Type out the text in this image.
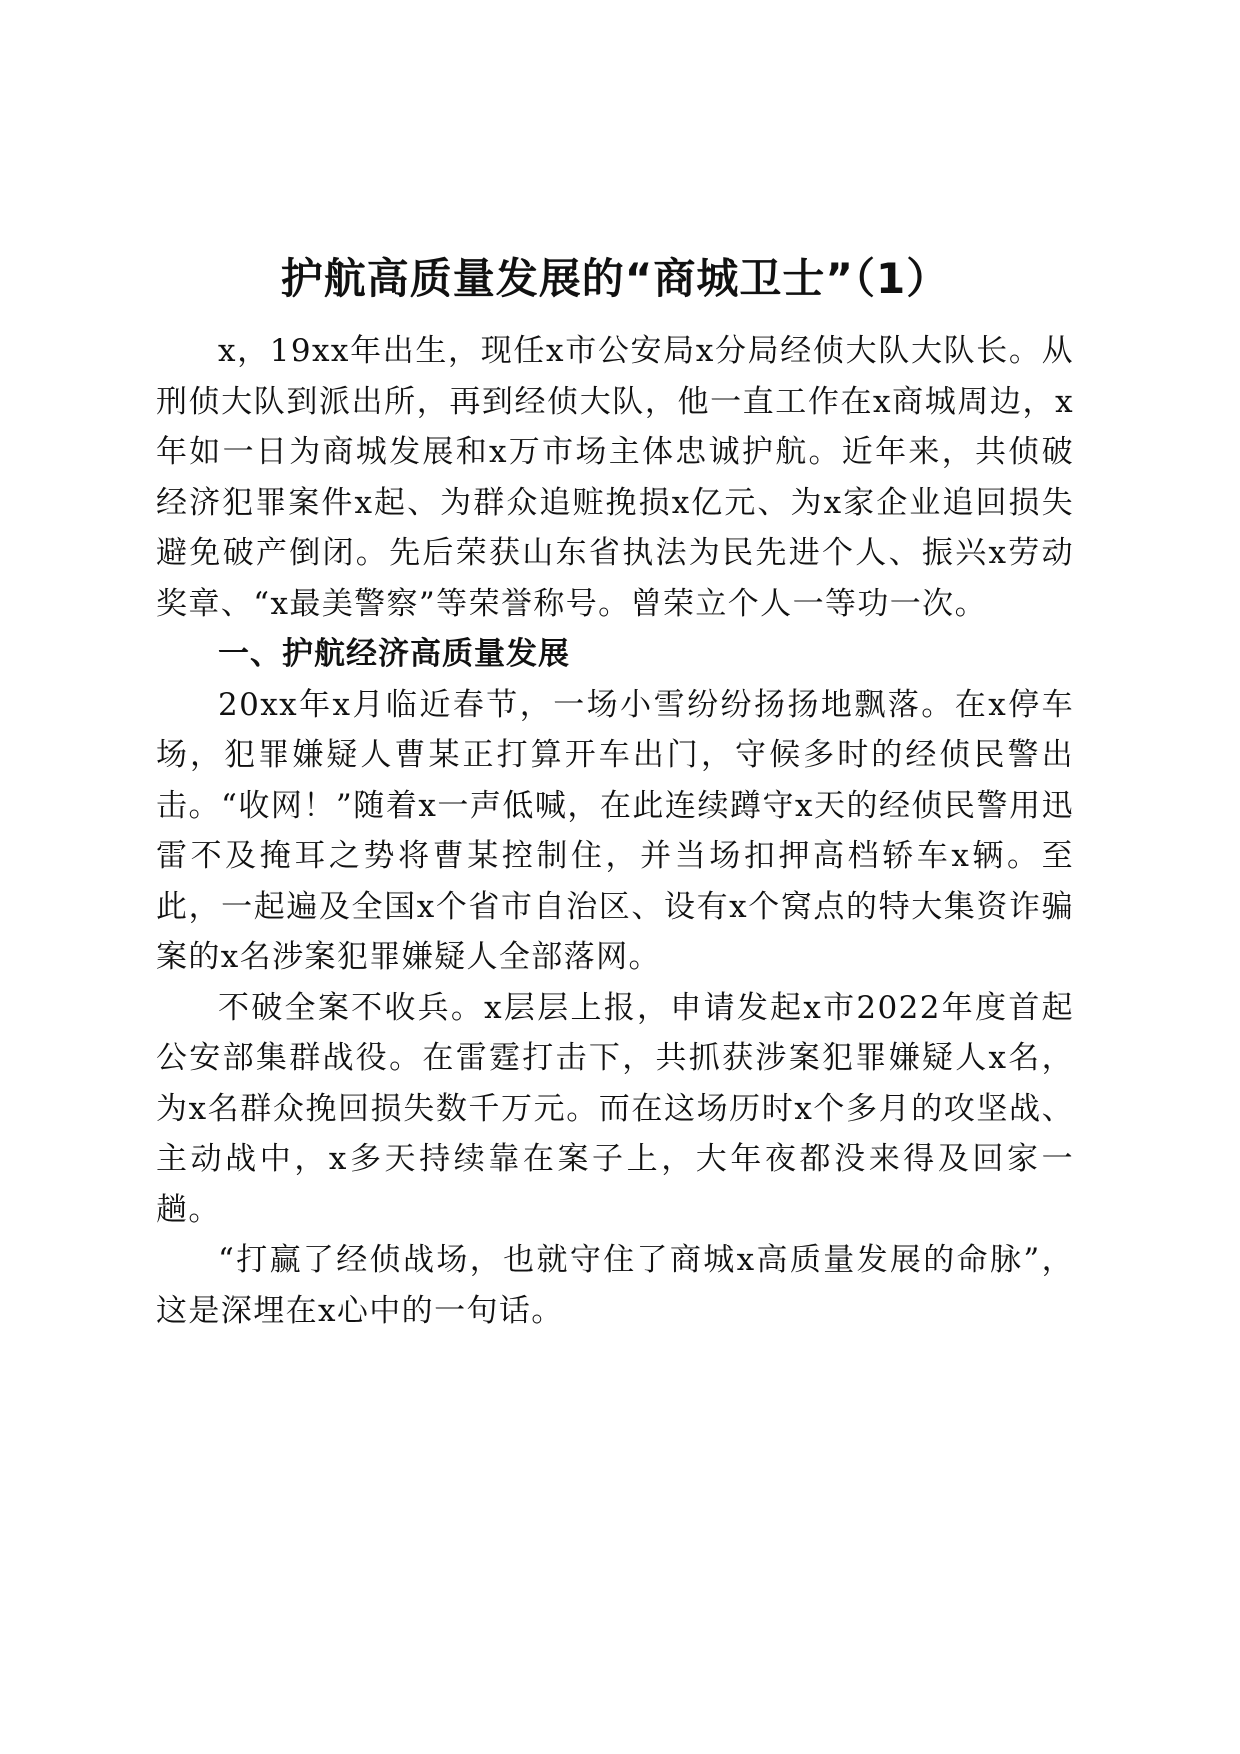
护航高质量发展的“商城卫士”（1）

x，19xx年出生，现任x市公安局x分局经侦大队大队长。从刑侦大队到派出所，再到经侦大队，他一直工作在x商城周边，x年如一日为商城发展和x万市场主体忠诚护航。近年来，共侦破经济犯罪案件x起、为群众追赃挽损x亿元、为x家企业追回损失避免破产倒闭。先后荣获山东省执法为民先进个人、振兴x劳动奖章、“x最美警察”等荣誉称号。曾荣立个人一等功一次。

一、护航经济高质量发展

20xx年x月临近春节，一场小雪纷纷扬扬地飘落。在x停车场，犯罪嫌疑人曹某正打算开车出门，守候多时的经侦民警出击。“收网！”随着x一声低喊，在此连续蹲守x天的经侦民警用迅雷不及掩耳之势将曹某控制住，并当场扣押高档轿车x辆。至此，一起遍及全国x个省市自治区、设有x个窝点的特大集资诈骗案的x名涉案犯罪嫌疑人全部落网。

不破全案不收兵。x层层上报，申请发起x市2022年度首起公安部集群战役。在雷霆打击下，共抓获涉案犯罪嫌疑人x名，为x名群众挽回损失数千万元。而在这场历时x个多月的攻坚战、主动战中，x多天持续靠在案子上，大年夜都没来得及回家一趟。

“打赢了经侦战场，也就守住了商城x高质量发展的命脉”，这是深埋在x心中的一句话。
